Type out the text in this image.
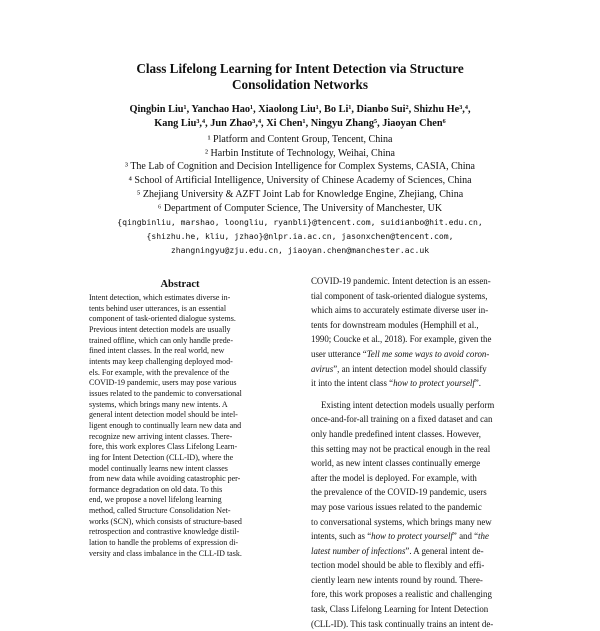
Class Lifelong Learning for Intent Detection via Structure
Consolidation Networks
Qingbin Liu¹, Yanchao Hao¹, Xiaolong Liu¹, Bo Li¹, Dianbo Sui², Shizhu He³,⁴,
Kang Liu³,⁴, Jun Zhao³,⁴, Xi Chen¹, Ningyu Zhang⁵, Jiaoyan Chen⁶
¹ Platform and Content Group, Tencent, China
² Harbin Institute of Technology, Weihai, China
³ The Lab of Cognition and Decision Intelligence for Complex Systems, CASIA, China
⁴ School of Artificial Intelligence, University of Chinese Academy of Sciences, China
⁵ Zhejiang University & AZFT Joint Lab for Knowledge Engine, Zhejiang, China
⁶ Department of Computer Science, The University of Manchester, UK
{qingbinliu, marshao, loongliu, ryanbli}@tencent.com, suidianbo@hit.edu.cn,
{shizhu.he, kliu, jzhao}@nlpr.ia.ac.cn, jasonxchen@tencent.com,
zhangningyu@zju.edu.cn, jiaoyan.chen@manchester.ac.uk
Abstract
Intent detection, which estimates diverse in-
tents behind user utterances, is an essential
component of task-oriented dialogue systems.
Previous intent detection models are usually
trained offline, which can only handle prede-
fined intent classes. In the real world, new
intents may keep challenging deployed mod-
els. For example, with the prevalence of the
COVID-19 pandemic, users may pose various
issues related to the pandemic to conversational
systems, which brings many new intents. A
general intent detection model should be intel-
ligent enough to continually learn new data and
recognize new arriving intent classes. There-
fore, this work explores Class Lifelong Learn-
ing for Intent Detection (CLL-ID), where the
model continually learns new intent classes
from new data while avoiding catastrophic per-
formance degradation on old data. To this
end, we propose a novel lifelong learning
method, called Structure Consolidation Net-
works (SCN), which consists of structure-based
retrospection and contrastive knowledge distil-
lation to handle the problems of expression di-
versity and class imbalance in the CLL-ID task.
COVID-19 pandemic. Intent detection is an essen-
tial component of task-oriented dialogue systems,
which aims to accurately estimate diverse user in-
tents for downstream modules (Hemphill et al.,
1990; Coucke et al., 2018). For example, given the
user utterance “Tell me some ways to avoid coron-
avirus”, an intent detection model should classify
it into the intent class “how to protect yourself”.
Existing intent detection models usually perform
once-and-for-all training on a fixed dataset and can
only handle predefined intent classes. However,
this setting may not be practical enough in the real
world, as new intent classes continually emerge
after the model is deployed. For example, with
the prevalence of the COVID-19 pandemic, users
may pose various issues related to the pandemic
to conversational systems, which brings many new
intents, such as “how to protect yourself” and “the
latest number of infections”. A general intent de-
tection model should be able to flexibly and effi-
ciently learn new intents round by round. There-
fore, this work proposes a realistic and challenging
task, Class Lifelong Learning for Intent Detection
(CLL-ID). This task continually trains an intent de-
